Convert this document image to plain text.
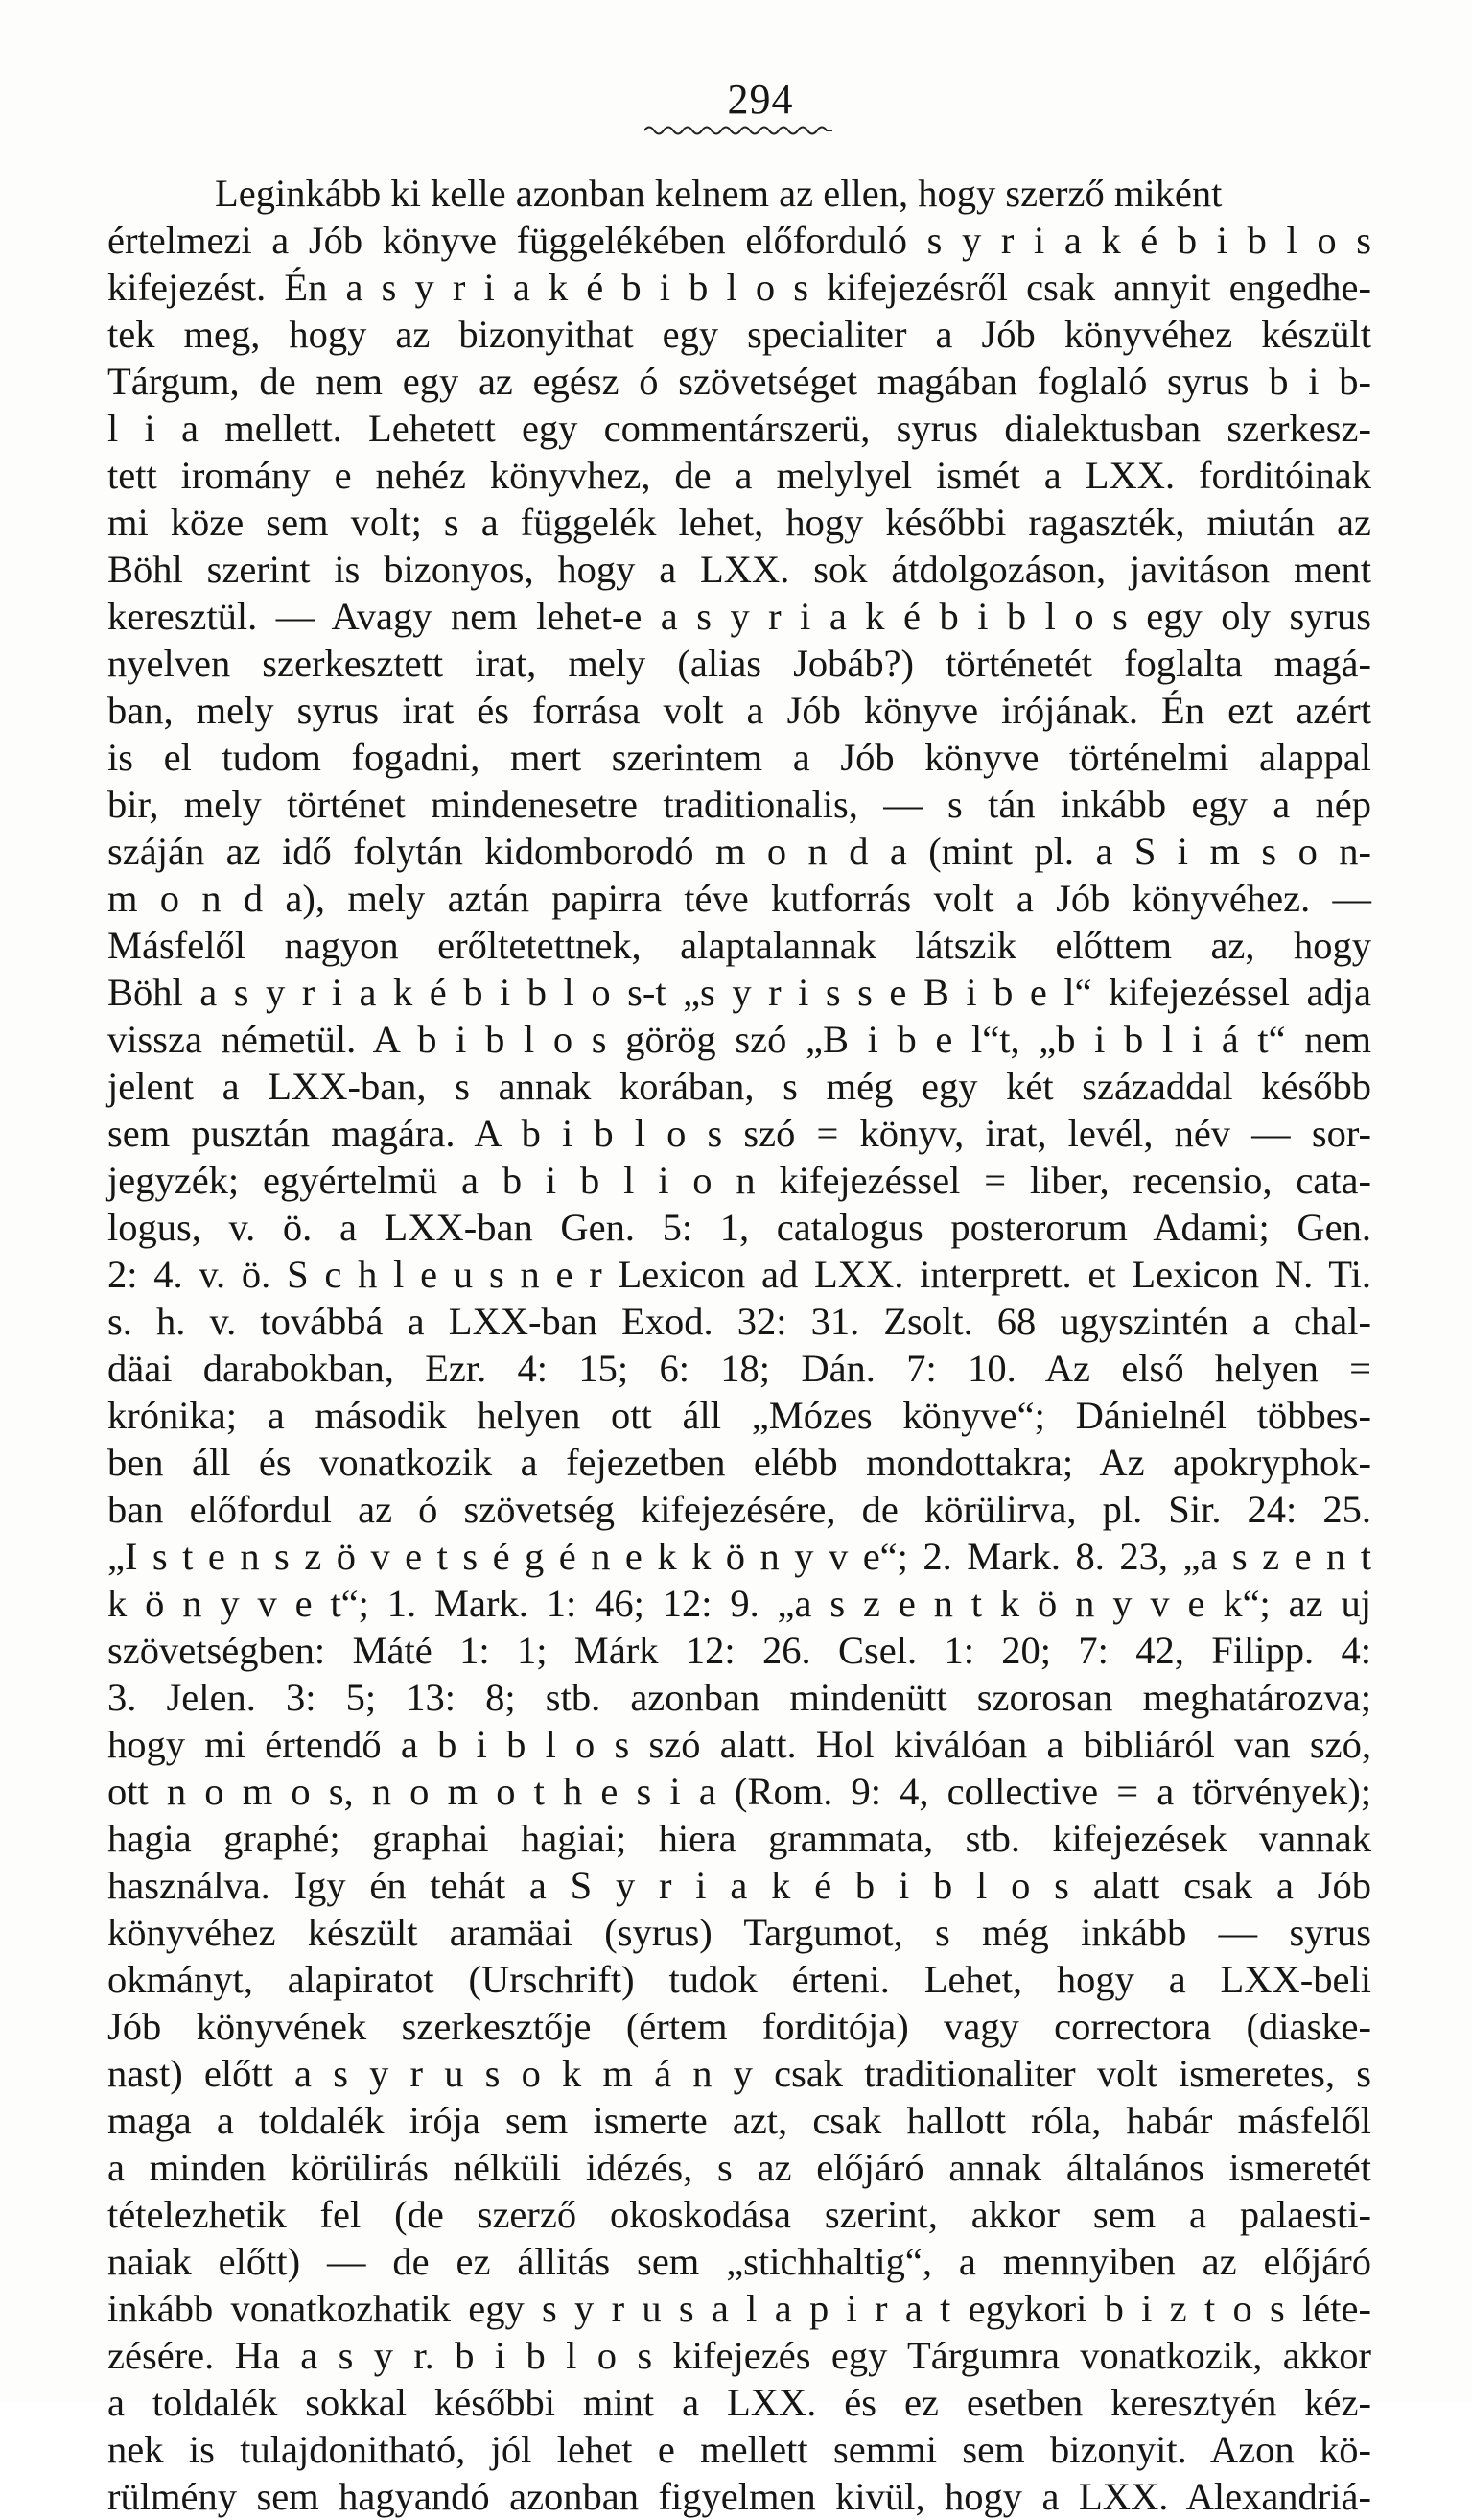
294
Leginkább ki kelle azonban kelnem az ellen, hogy szerző miként
értelmezi a Jób könyve függelékében előforduló s y r i a k é b i b l o s
kifejezést. Én a s y r i a k é b i b l o s kifejezésről csak annyit engedhe-
tek meg, hogy az bizonyithat egy specialiter a Jób könyvéhez készült
Tárgum, de nem egy az egész ó szövetséget magában foglaló syrus b i b-
l i a mellett. Lehetett egy commentárszerü, syrus dialektusban szerkesz-
tett iromány e nehéz könyvhez, de a melylyel ismét a LXX. forditóinak
mi köze sem volt; s a függelék lehet, hogy későbbi ragaszték, miután az
Böhl szerint is bizonyos, hogy a LXX. sok átdolgozáson, javitáson ment
keresztül. — Avagy nem lehet-e a s y r i a k é b i b l o s egy oly syrus
nyelven szerkesztett irat, mely (alias Jobáb?) történetét foglalta magá-
ban, mely syrus irat és forrása volt a Jób könyve irójának. Én ezt azért
is el tudom fogadni, mert szerintem a Jób könyve történelmi alappal
bir, mely történet mindenesetre traditionalis, — s tán inkább egy a nép
száján az idő folytán kidomborodó m o n d a (mint pl. a S i m s o n-
m o n d a), mely aztán papirra téve kutforrás volt a Jób könyvéhez. —
Másfelől nagyon erőltetettnek, alaptalannak látszik előttem az, hogy
Böhl a s y r i a k é b i b l o s-t „s y r i s s e B i b e l“ kifejezéssel adja
vissza németül. A b i b l o s görög szó „B i b e l“t, „b i b l i á t“ nem
jelent a LXX-ban, s annak korában, s még egy két századdal később
sem pusztán magára. A b i b l o s szó = könyv, irat, levél, név — sor-
jegyzék; egyértelmü a b i b l i o n kifejezéssel = liber, recensio, cata-
logus, v. ö. a LXX-ban Gen. 5: 1, catalogus posterorum Adami; Gen.
2: 4. v. ö. S c h l e u s n e r Lexicon ad LXX. interprett. et Lexicon N. Ti.
s. h. v. továbbá a LXX-ban Exod. 32: 31. Zsolt. 68 ugyszintén a chal-
däai darabokban, Ezr. 4: 15; 6: 18; Dán. 7: 10. Az első helyen =
krónika; a második helyen ott áll „Mózes könyve“; Dánielnél többes-
ben áll és vonatkozik a fejezetben elébb mondottakra; Az apokryphok-
ban előfordul az ó szövetség kifejezésére, de körülirva, pl. Sir. 24: 25.
„I s t e n s z ö v e t s é g é n e k k ö n y v e“; 2. Mark. 8. 23, „a s z e n t
k ö n y v e t“; 1. Mark. 1: 46; 12: 9. „a s z e n t k ö n y v e k“; az uj
szövetségben: Máté 1: 1; Márk 12: 26. Csel. 1: 20; 7: 42, Filipp. 4:
3. Jelen. 3: 5; 13: 8; stb. azonban mindenütt szorosan meghatározva;
hogy mi értendő a b i b l o s szó alatt. Hol kiválóan a bibliáról van szó,
ott n o m o s, n o m o t h e s i a (Rom. 9: 4, collective = a törvények);
hagia graphé; graphai hagiai; hiera grammata, stb. kifejezések vannak
használva. Igy én tehát a S y r i a k é b i b l o s alatt csak a Jób
könyvéhez készült aramäai (syrus) Targumot, s még inkább — syrus
okmányt, alapiratot (Urschrift) tudok érteni. Lehet, hogy a LXX-beli
Jób könyvének szerkesztője (értem forditója) vagy correctora (diaske-
nast) előtt a s y r u s o k m á n y csak traditionaliter volt ismeretes, s
maga a toldalék irója sem ismerte azt, csak hallott róla, habár másfelől
a minden körülirás nélküli idézés, s az előjáró annak általános ismeretét
tételezhetik fel (de szerző okoskodása szerint, akkor sem a palaesti-
naiak előtt) — de ez állitás sem „stichhaltig“, a mennyiben az előjáró
inkább vonatkozhatik egy s y r u s a l a p i r a t egykori b i z t o s léte-
zésére. Ha a s y r. b i b l o s kifejezés egy Tárgumra vonatkozik, akkor
a toldalék sokkal későbbi mint a LXX. és ez esetben keresztyén kéz-
nek is tulajdonitható, jól lehet e mellett semmi sem bizonyit. Azon kö-
rülmény sem hagyandó azonban figyelmen kivül, hogy a LXX. Alexandriá-
